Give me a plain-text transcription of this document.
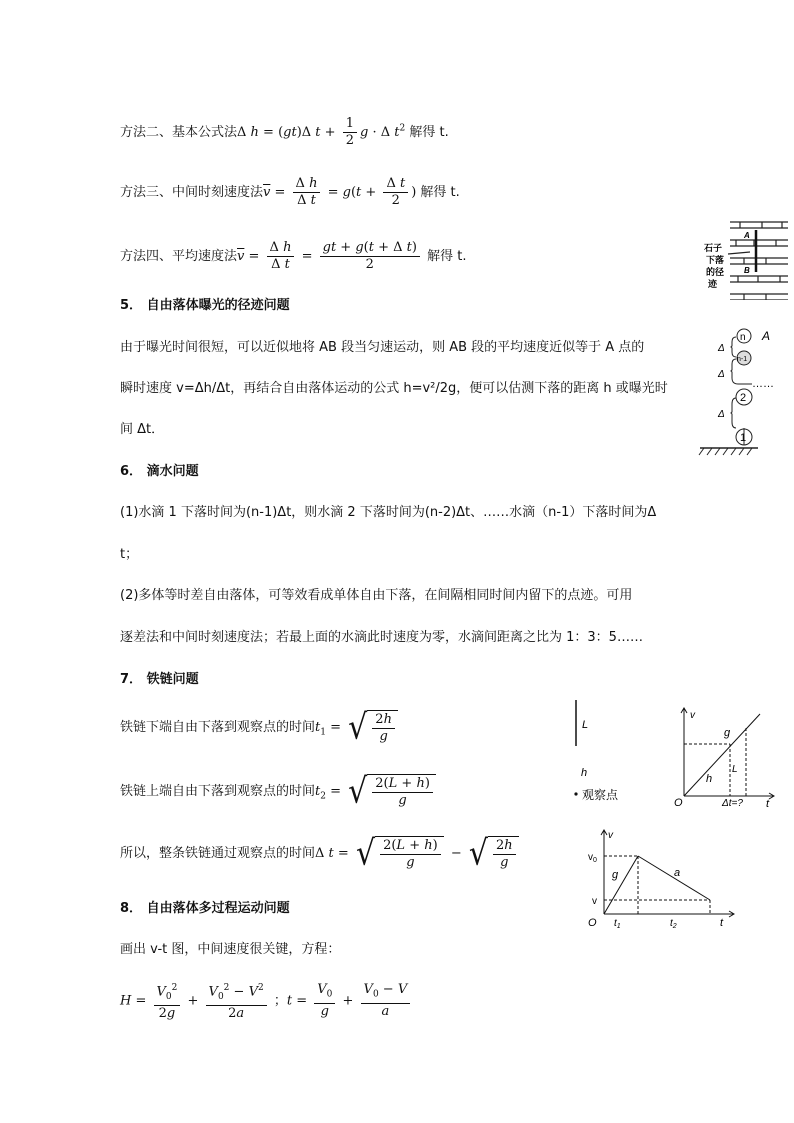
方法二、基本公式法Δ h = (gt)Δ $t + \frac{1}{2}$ g · Δ $t^2$ 解得 t.
方法三、中间时刻速度法$\overline{v} = \frac{\text{Δ h}}{\text{Δ t}} = g(t + \frac{\text{Δ t}}{2}$ ) 解得 t.
方法四、平均速度法$\overline{v} = \frac{\text{Δ h}}{\text{Δ t}} = \frac{\text{gt + g(t + Δ t)}}{2}$ 解得 t.
5． 自由落体曝光的径迹问题
由于曝光时间很短，可以近似地将 AB 段当匀速运动，则 AB 段的平均速度近似等于 A 点的
瞬时速度 v=Δh/Δt，再结合自由落体运动的公式 h=v²/2g，便可以估测下落的距离 h 或曝光时
间 Δt．
6． 滴水问题
(1)水滴 1 下落时间为(n-1)Δt，则水滴 2 下落时间为(n-2)Δt、……水滴（n-1）下落时间为Δ
t；
(2)多体等时差自由落体，可等效看成单体自由下落，在间隔相同时间内留下的点迹。可用
逐差法和中间时刻速度法；若最上面的水滴此时速度为零，水滴间距离之比为 1：3：5……
7． 铁链问题
铁链下端自由下落到观察点的时间$t_1$ = √ $\frac{2h}{g}$
铁链上端自由下落到观察点的时间$t_2$ = √ $\frac{2(L + h)}{g}$
所以，整条铁链通过观察点的时间Δ t = √ $\frac{2(L + h)}{g}$ − √ $\frac{2h}{g}$
8． 自由落体多过程运动问题
画出 v-t 图，中间速度很关键，方程：
$H = \frac{V_0^2}{2g} + \frac{V_0^2 - V^2}{2a}$ ；$t = \frac{V_0}{g} + \frac{V_0 - V}{a}$
A
B
石子
下落
的径
迹
n A
n-1
……
2
1
Δ
Δ
Δ
L
h
观察点
v
t
O
g
L
h
Δt=?
v
$v_0$
v
g	a
O $t_1$	$t_2$	t
